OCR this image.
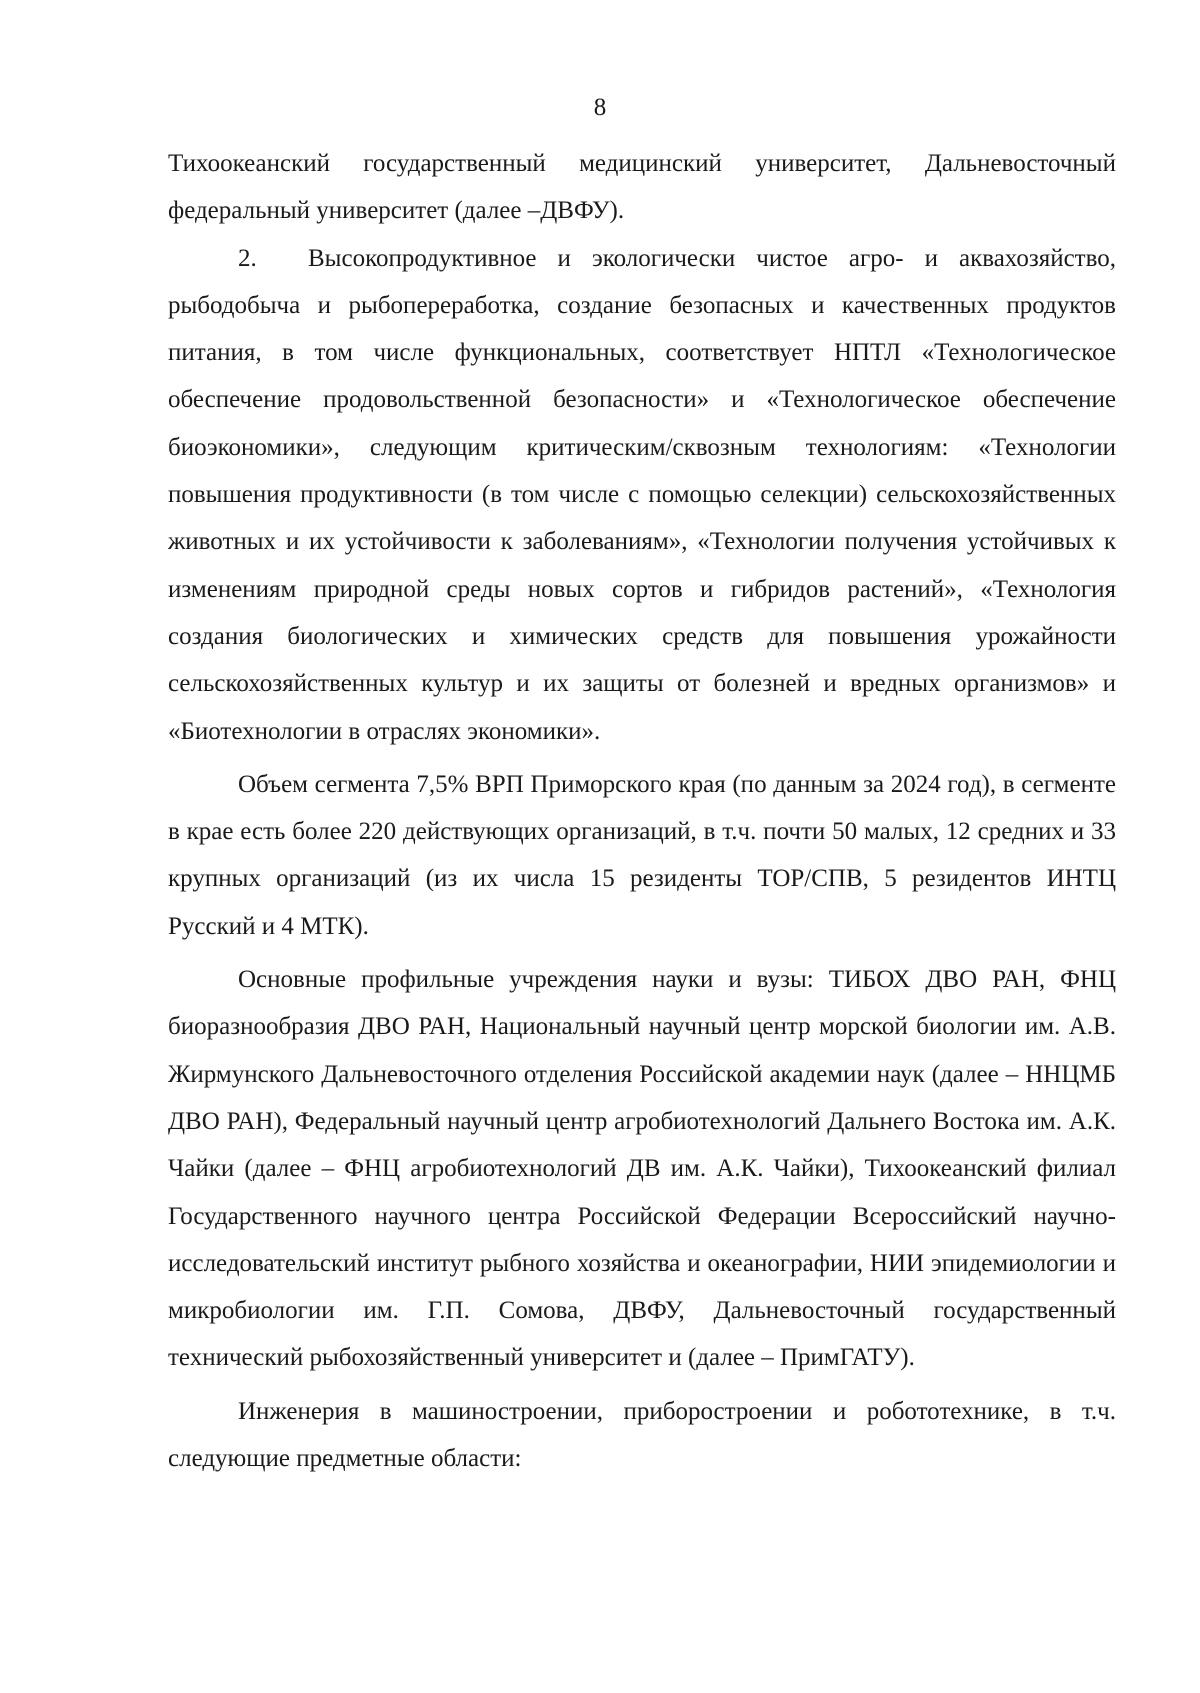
8

Тихоокеанский государственный медицинский университет, Дальневосточный федеральный университет (далее –ДВФУ).

2. Высокопродуктивное и экологически чистое агро- и аквахозяйство, рыбодобыча и рыбопереработка, создание безопасных и качественных продуктов питания, в том числе функциональных, соответствует НПТЛ «Технологическое обеспечение продовольственной безопасности» и «Технологическое обеспечение биоэкономики», следующим критическим/сквозным технологиям: «Технологии повышения продуктивности (в том числе с помощью селекции) сельскохозяйственных животных и их устойчивости к заболеваниям», «Технологии получения устойчивых к изменениям природной среды новых сортов и гибридов растений», «Технология создания биологических и химических средств для повышения урожайности сельскохозяйственных культур и их защиты от болезней и вредных организмов» и «Биотехнологии в отраслях экономики».

Объем сегмента 7,5% ВРП Приморского края (по данным за 2024 год), в сегменте в крае есть более 220 действующих организаций, в т.ч. почти 50 малых, 12 средних и 33 крупных организаций (из их числа 15 резиденты ТОР/СПВ, 5 резидентов ИНТЦ Русский и 4 МТК).

Основные профильные учреждения науки и вузы: ТИБОХ ДВО РАН, ФНЦ биоразнообразия ДВО РАН, Национальный научный центр морской биологии им. А.В. Жирмунского Дальневосточного отделения Российской академии наук (далее – ННЦМБ ДВО РАН), Федеральный научный центр агробиотехнологий Дальнего Востока им. А.К. Чайки (далее – ФНЦ агробиотехнологий ДВ им. А.К. Чайки), Тихоокеанский филиал Государственного научного центра Российской Федерации Всероссийский научно-исследовательский институт рыбного хозяйства и океанографии, НИИ эпидемиологии и микробиологии им. Г.П. Сомова, ДВФУ, Дальневосточный государственный технический рыбохозяйственный университет и (далее – ПримГАТУ).

Инженерия в машиностроении, приборостроении и робототехнике, в т.ч. следующие предметные области:
